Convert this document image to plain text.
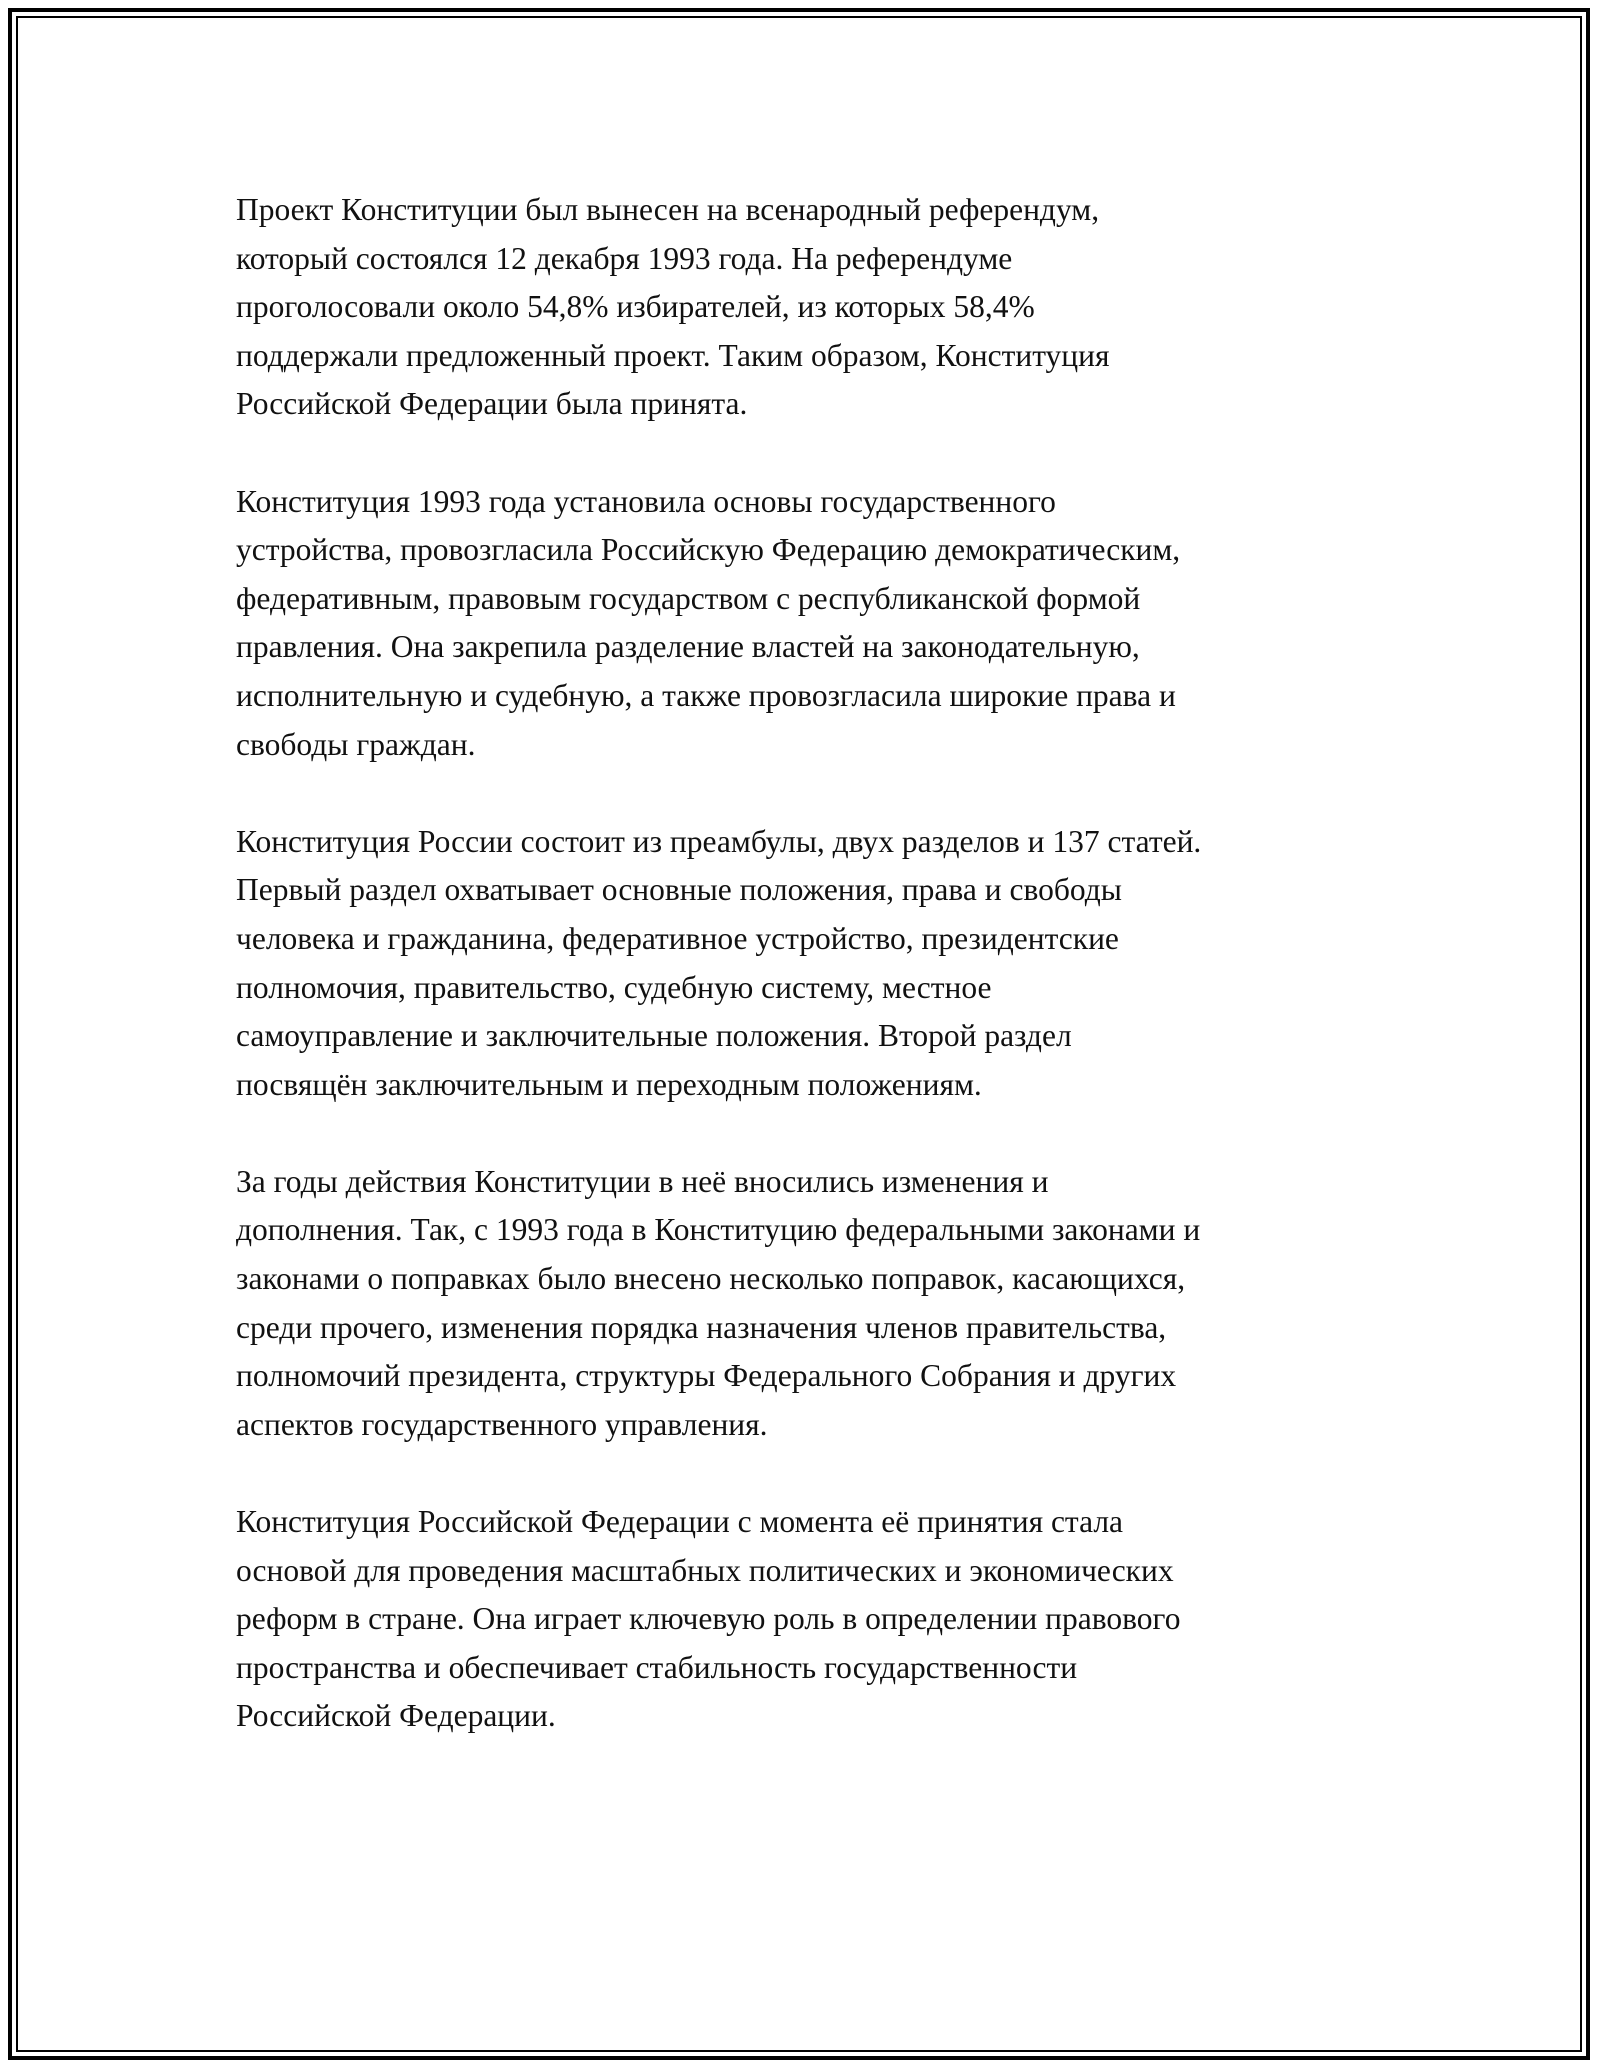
Проект Конституции был вынесен на всенародный референдум,
который состоялся 12 декабря 1993 года. На референдуме
проголосовали около 54,8% избирателей, из которых 58,4%
поддержали предложенный проект. Таким образом, Конституция
Российской Федерации была принята.

Конституция 1993 года установила основы государственного
устройства, провозгласила Российскую Федерацию демократическим,
федеративным, правовым государством с республиканской формой
правления. Она закрепила разделение властей на законодательную,
исполнительную и судебную, а также провозгласила широкие права и
свободы граждан.

Конституция России состоит из преамбулы, двух разделов и 137 статей.
Первый раздел охватывает основные положения, права и свободы
человека и гражданина, федеративное устройство, президентские
полномочия, правительство, судебную систему, местное
самоуправление и заключительные положения. Второй раздел
посвящён заключительным и переходным положениям.

За годы действия Конституции в неё вносились изменения и
дополнения. Так, с 1993 года в Конституцию федеральными законами и
законами о поправках было внесено несколько поправок, касающихся,
среди прочего, изменения порядка назначения членов правительства,
полномочий президента, структуры Федерального Собрания и других
аспектов государственного управления.

Конституция Российской Федерации с момента её принятия стала
основой для проведения масштабных политических и экономических
реформ в стране. Она играет ключевую роль в определении правового
пространства и обеспечивает стабильность государственности
Российской Федерации.
